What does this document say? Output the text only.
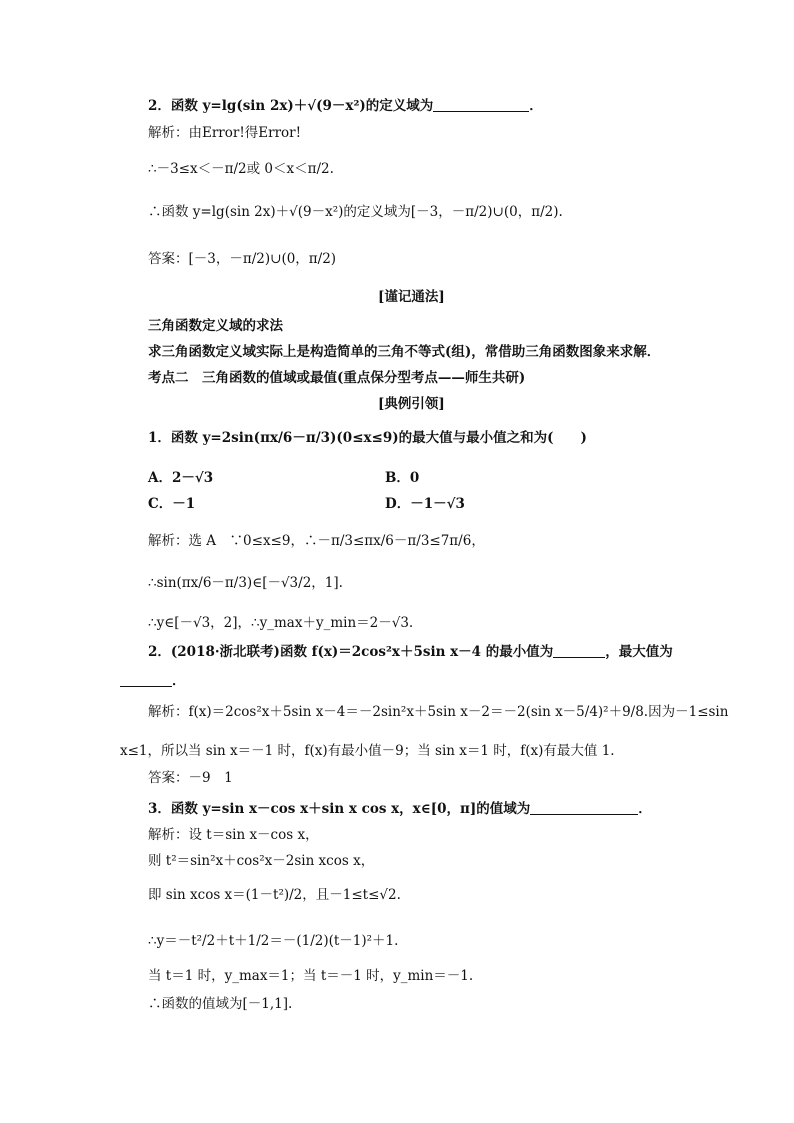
2．函数 y=lg(sin 2x)＋√(9－x²)的定义域为	．
解析：由Error!得Error!
∴－3≤x＜－π/2或 0＜x＜π/2.
∴函数 y=lg(sin 2x)＋√(9－x²)的定义域为[－3，－π/2)∪(0，π/2).
答案：[－3，－π/2)∪(0，π/2)
[谨记通法]
三角函数定义域的求法
求三角函数定义域实际上是构造简单的三角不等式(组)，常借助三角函数图象来求解．
考点二　三角函数的值域或最值(重点保分型考点——师生共研)
[典例引领]
1．函数 y=2sin(πx/6－π/3)(0≤x≤9)的最大值与最小值之和为(　　)
A．2－√3	B．0
C．－1	D．－1－√3
解析：选 A　∵0≤x≤9，∴－π/3≤πx/6－π/3≤7π/6，
∴sin(πx/6－π/3)∈[－√3/2，1].
∴y∈[－√3，2]，∴y_max＋y_min＝2－√3.
2．(2018·浙北联考)函数 f(x)＝2cos²x＋5sin x－4 的最小值为	，最大值为
．
解析：f(x)＝2cos²x＋5sin x－4＝－2sin²x＋5sin x－2＝－2(sin x－5/4)²＋9/8.因为－1≤sin
x≤1，所以当 sin x＝－1 时，f(x)有最小值－9；当 sin x＝1 时，f(x)有最大值 1.
答案：－9　1
3．函数 y=sin x－cos x＋sin x cos x，x∈[0，π]的值域为	．
解析：设 t＝sin x－cos x，
则 t²＝sin²x＋cos²x－2sin xcos x，
即 sin xcos x＝(1－t²)/2，且－1≤t≤√2.
∴y＝－t²/2＋t＋1/2＝－(1/2)(t－1)²＋1.
当 t＝1 时，y_max＝1；当 t＝－1 时，y_min＝－1.
∴函数的值域为[－1,1].
